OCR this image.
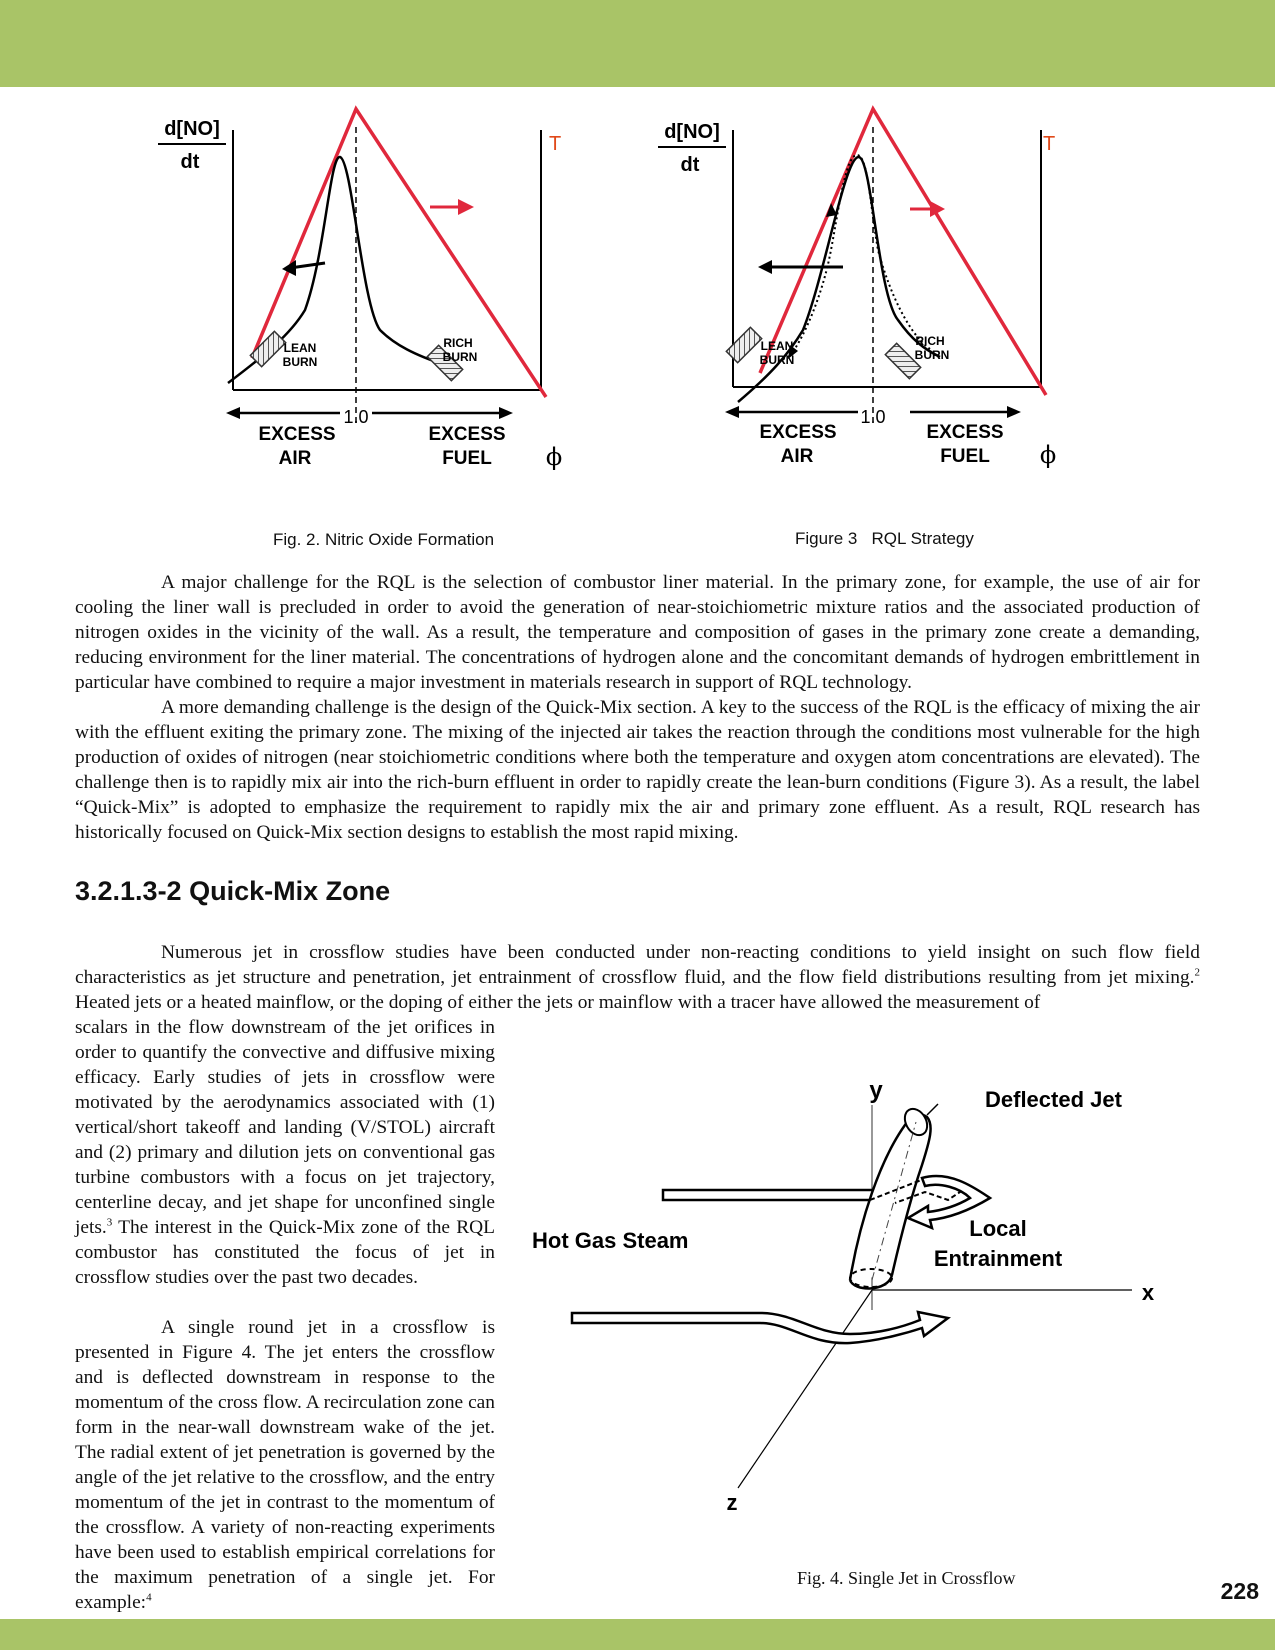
d[NO]
dt
T
LEAN
BURN
RICH
BURN
1.0
EXCESS
AIR
EXCESS
FUEL ϕ
Fig. 2. Nitric Oxide Formation
d[NO]
dt
T
LEAN
BURN
RICH
BURN
1.0
EXCESS
AIR
EXCESS
FUEL ϕ
Figure 3   RQL Strategy

A major challenge for the RQL is the selection of combustor liner material. In the primary zone, for example, the use of air for cooling the liner wall is precluded in order to avoid the generation of near-stoichiometric mixture ratios and the associated production of nitrogen oxides in the vicinity of the wall. As a result, the temperature and composition of gases in the primary zone create a demanding, reducing environment for the liner material. The concentrations of hydrogen alone and the concomitant demands of hydrogen embrittlement in particular have combined to require a major investment in materials research in support of RQL technology.

A more demanding challenge is the design of the Quick-Mix section. A key to the success of the RQL is the efficacy of mixing the air with the effluent exiting the primary zone. The mixing of the injected air takes the reaction through the conditions most vulnerable for the high production of oxides of nitrogen (near stoichiometric conditions where both the temperature and oxygen atom concentrations are elevated). The challenge then is to rapidly mix air into the rich-burn effluent in order to rapidly create the lean-burn conditions (Figure 3). As a result, the label “Quick-Mix” is adopted to emphasize the requirement to rapidly mix the air and primary zone effluent. As a result, RQL research has historically focused on Quick-Mix section designs to establish the most rapid mixing.

3.2.1.3-2 Quick-Mix Zone

Numerous jet in crossflow studies have been conducted under non-reacting conditions to yield insight on such flow field characteristics as jet structure and penetration, jet entrainment of crossflow fluid, and the flow field distributions resulting from jet mixing.$^2$ Heated jets or a heated mainflow, or the doping of either the jets or mainflow with a tracer have allowed the measurement of

scalars in the flow downstream of the jet orifices in order to quantify the convective and diffusive mixing efficacy. Early studies of jets in crossflow were motivated by the aerodynamics associated with (1) vertical/short takeoff and landing (V/STOL) aircraft and (2) primary and dilution jets on conventional gas turbine combustors with a focus on jet trajectory, centerline decay, and jet shape for unconfined single jets.$^3$ The interest in the Quick-Mix zone of the RQL combustor has constituted the focus of jet in crossflow studies over the past two decades.

A single round jet in a crossflow is presented in Figure 4. The jet enters the crossflow and is deflected downstream in response to the momentum of the cross flow. A recirculation zone can form in the near-wall downstream wake of the jet. The radial extent of jet penetration is governed by the angle of the jet relative to the crossflow, and the entry momentum of the jet in contrast to the momentum of the crossflow. A variety of non-reacting experiments have been used to establish empirical correlations for the maximum penetration of a single jet. For example:$^4$

y
x
z
Deflected Jet
Hot Gas Steam	Local
Entrainment
Fig. 4. Single Jet in Crossflow	228
